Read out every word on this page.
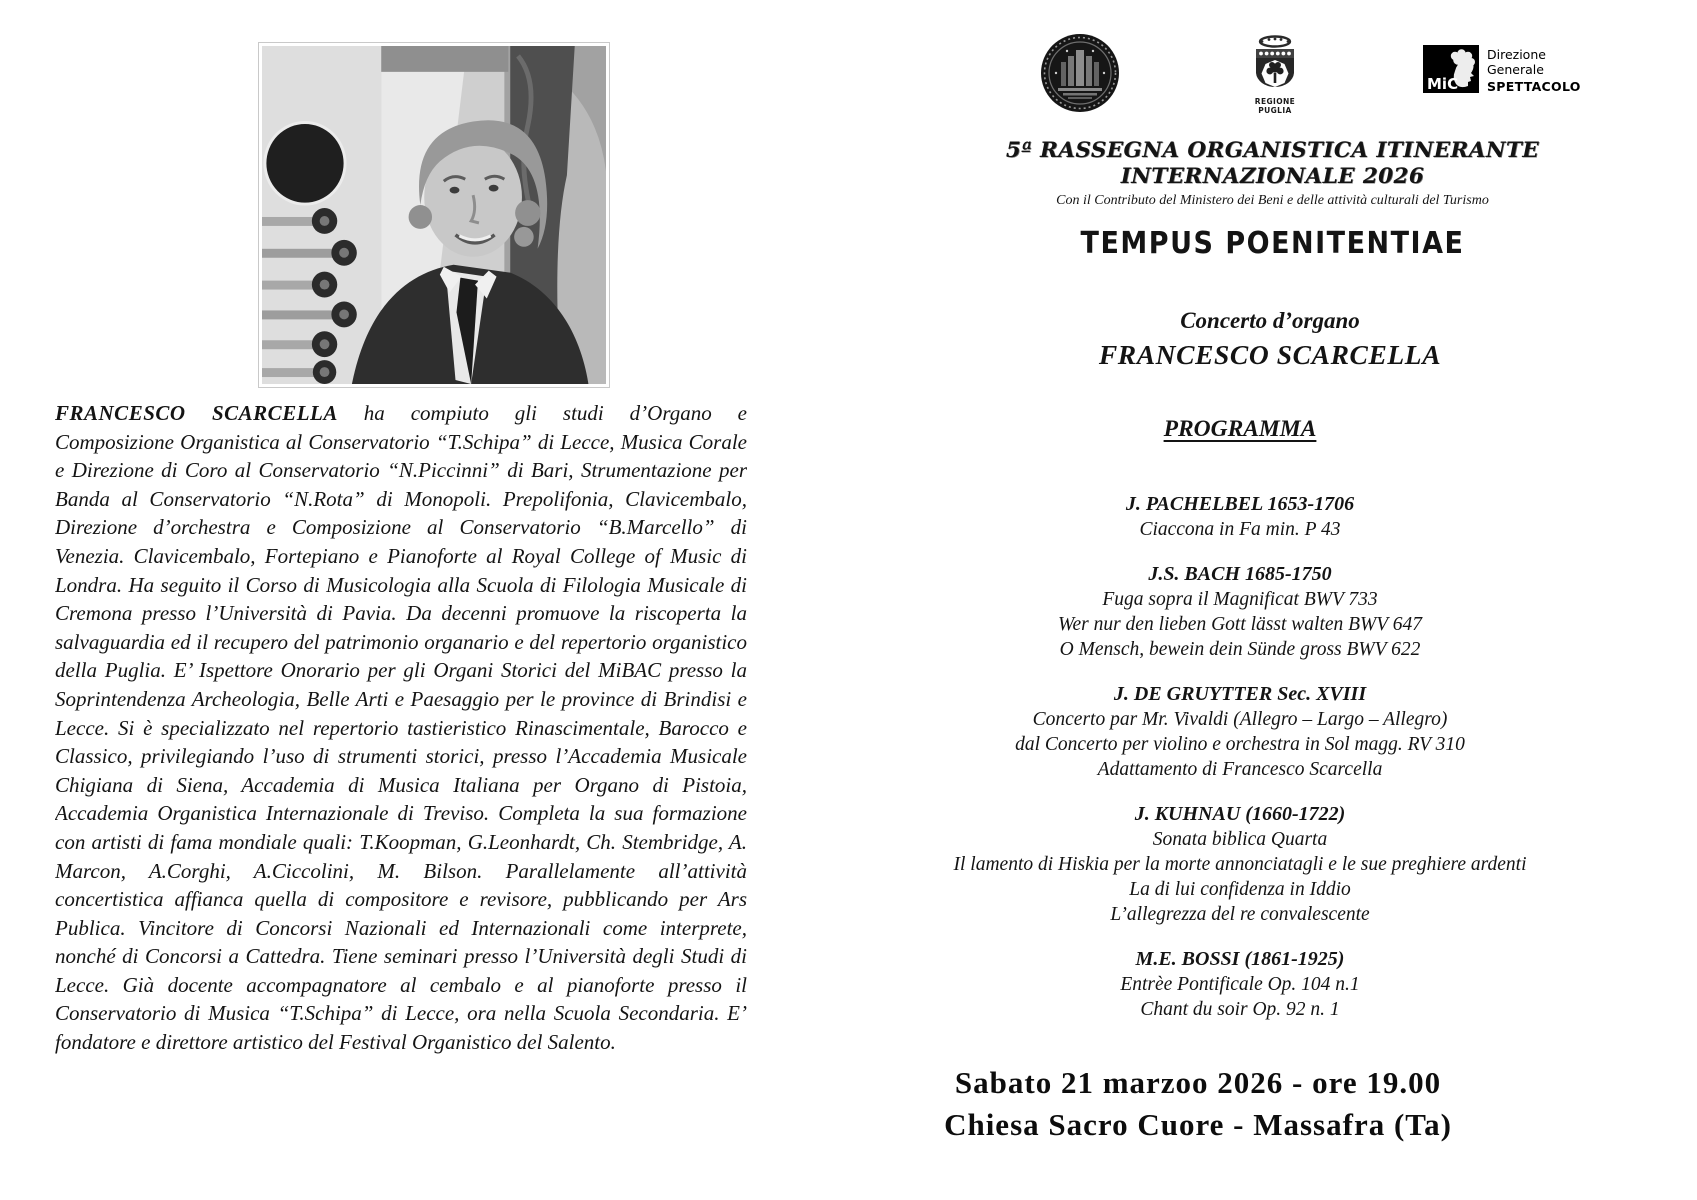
FRANCESCO SCARCELLA ha compiuto gli studi d’Organo e
Composizione Organistica al Conservatorio “T.Schipa” di Lecce, Musica Corale
e Direzione di Coro al Conservatorio “N.Piccinni” di Bari, Strumentazione per
Banda al Conservatorio “N.Rota” di Monopoli. Prepolifonia, Clavicembalo,
Direzione d’orchestra e Composizione al Conservatorio “B.Marcello” di
Venezia. Clavicembalo, Fortepiano e Pianoforte al Royal College of Music di
Londra. Ha seguito il Corso di Musicologia alla Scuola di Filologia Musicale di
Cremona presso l’Università di Pavia. Da decenni promuove la riscoperta la
salvaguardia ed il recupero del patrimonio organario e del repertorio organistico
della Puglia. E’ Ispettore Onorario per gli Organi Storici del MiBAC presso la
Soprintendenza Archeologia, Belle Arti e Paesaggio per le province di Brindisi e
Lecce. Si è specializzato nel repertorio tastieristico Rinascimentale, Barocco e
Classico, privilegiando l’uso di strumenti storici, presso l’Accademia Musicale
Chigiana di Siena, Accademia di Musica Italiana per Organo di Pistoia,
Accademia Organistica Internazionale di Treviso. Completa la sua formazione
con artisti di fama mondiale quali: T.Koopman, G.Leonhardt, Ch. Stembridge, A.
Marcon, A.Corghi, A.Ciccolini, M. Bilson. Parallelamente all’attività
concertistica affianca quella di compositore e revisore, pubblicando per Ars
Publica. Vincitore di Concorsi Nazionali ed Internazionali come interprete,
nonché di Concorsi a Cattedra. Tiene seminari presso l’Università degli Studi di
Lecce. Già docente accompagnatore al cembalo e al pianoforte presso il
Conservatorio di Musica “T.Schipa” di Lecce, ora nella Scuola Secondaria. E’
fondatore e direttore artistico del Festival Organistico del Salento.
REGIONE PUGLIA
MiC
Direzione
Generale
SPETTACOLO
5ª RASSEGNA ORGANISTICA ITINERANTE
INTERNAZIONALE 2026
Con il Contributo del Ministero dei Beni e delle attività culturali del Turismo
TEMPUS POENITENTIAE
Concerto d’organo
FRANCESCO SCARCELLA
PROGRAMMA
J. PACHELBEL 1653-1706
Ciaccona in Fa min. P 43
J.S. BACH 1685-1750
Fuga sopra il Magnificat BWV 733
Wer nur den lieben Gott lässt walten BWV 647
O Mensch, bewein dein Sünde gross BWV 622
J. DE GRUYTTER Sec. XVIII
Concerto par Mr. Vivaldi (Allegro – Largo – Allegro)
dal Concerto per violino e orchestra in Sol magg. RV 310
Adattamento di Francesco Scarcella
J. KUHNAU (1660-1722)
Sonata biblica Quarta
Il lamento di Hiskia per la morte annonciatagli e le sue preghiere ardenti
La di lui confidenza in Iddio
L’allegrezza del re convalescente
M.E. BOSSI (1861-1925)
Entrèe Pontificale Op. 104 n.1
Chant du soir Op. 92 n. 1
Sabato 21 marzoo 2026 - ore 19.00
Chiesa Sacro Cuore - Massafra (Ta)
